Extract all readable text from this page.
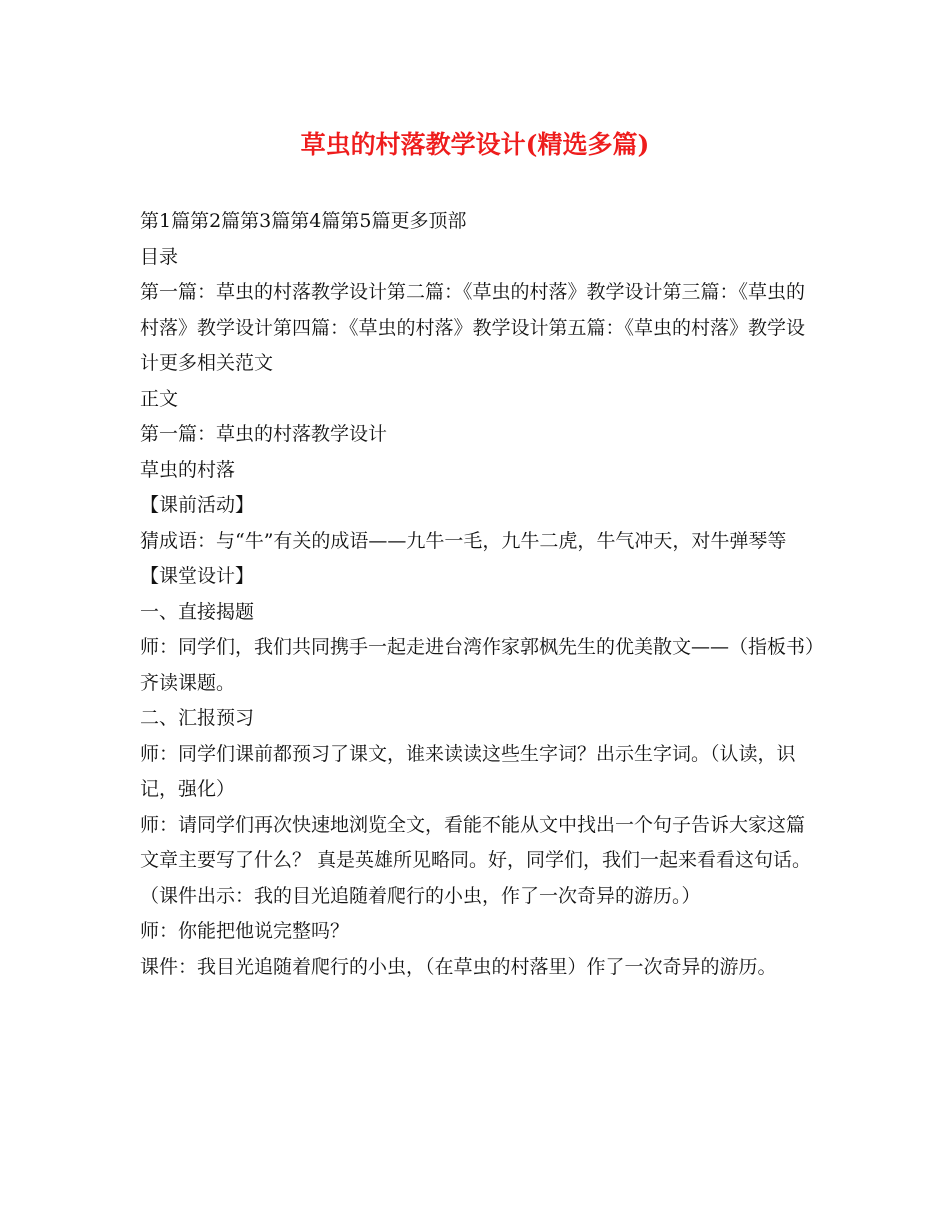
草虫的村落教学设计(精选多篇)

第1篇第2篇第3篇第4篇第5篇更多顶部

目录

第一篇：草虫的村落教学设计第二篇：《草虫的村落》教学设计第三篇：《草虫的村落》教学设计第四篇：《草虫的村落》教学设计第五篇：《草虫的村落》教学设计更多相关范文

正文

第一篇：草虫的村落教学设计

草虫的村落

【课前活动】

猜成语：与“牛”有关的成语——九牛一毛，九牛二虎，牛气冲天，对牛弹琴等

【课堂设计】

一、直接揭题

师：同学们，我们共同携手一起走进台湾作家郭枫先生的优美散文——（指板书）齐读课题。

二、汇报预习

师：同学们课前都预习了课文，谁来读读这些生字词？出示生字词。（认读，识记，强化）

师：请同学们再次快速地浏览全文，看能不能从文中找出一个句子告诉大家这篇文章主要写了什么？ 真是英雄所见略同。好，同学们，我们一起来看看这句话。 （课件出示：我的目光追随着爬行的小虫，作了一次奇异的游历。）

师：你能把他说完整吗？

课件：我目光追随着爬行的小虫，（在草虫的村落里）作了一次奇异的游历。
